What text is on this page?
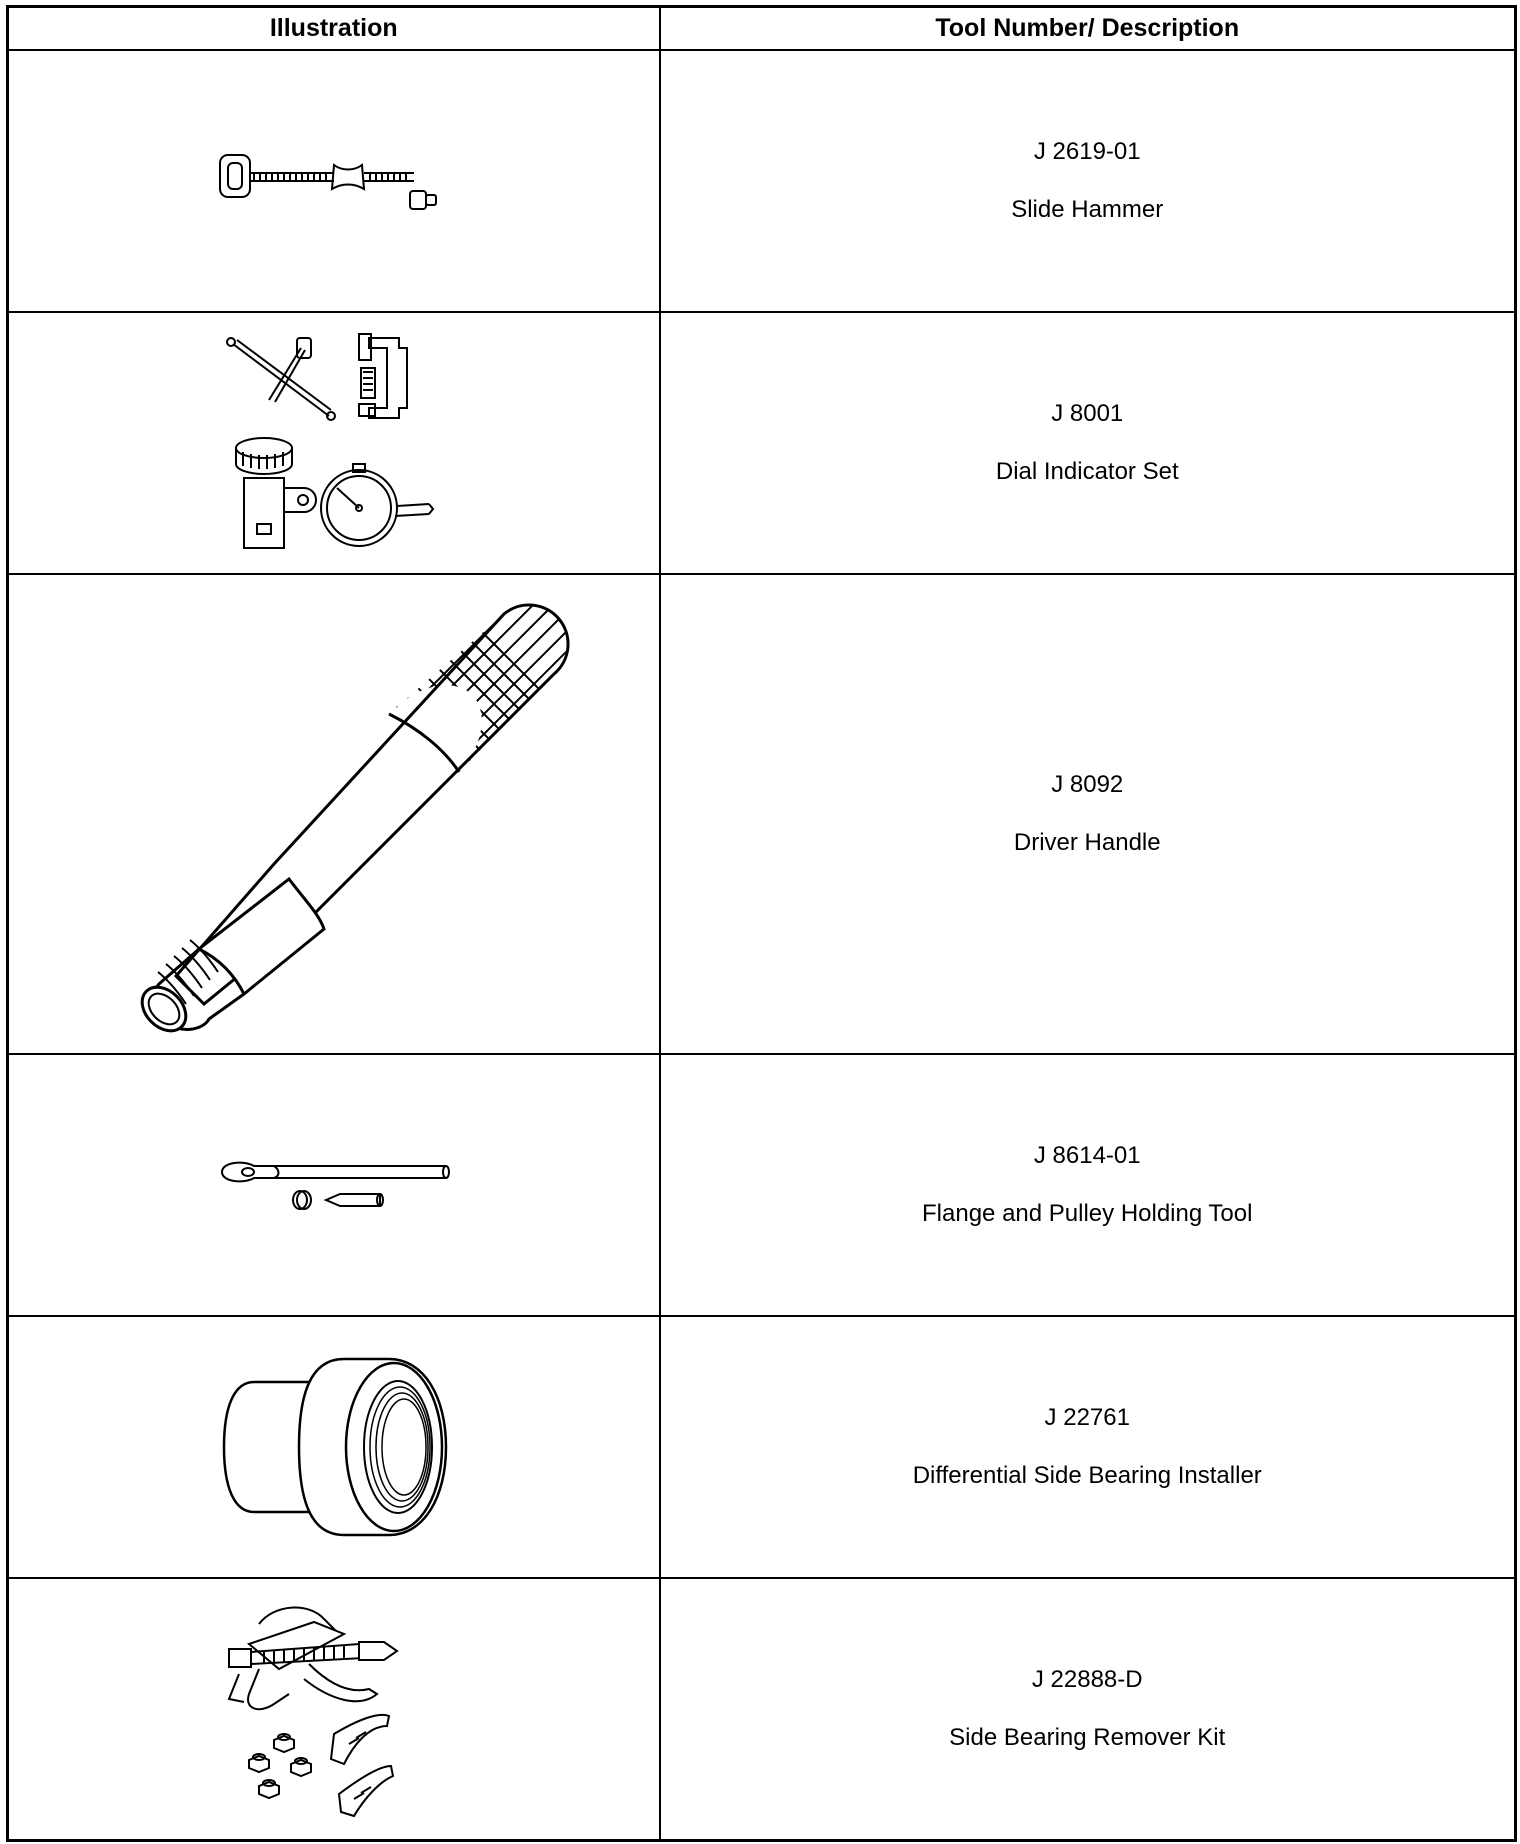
Illustration	Tool Number/ Description

J 2619-01
Slide Hammer

J 8001
Dial Indicator Set

J 8092
Driver Handle

J 8614-01
Flange and Pulley Holding Tool

J 22761
Differential Side Bearing Installer

J 22888-D
Side Bearing Remover Kit
